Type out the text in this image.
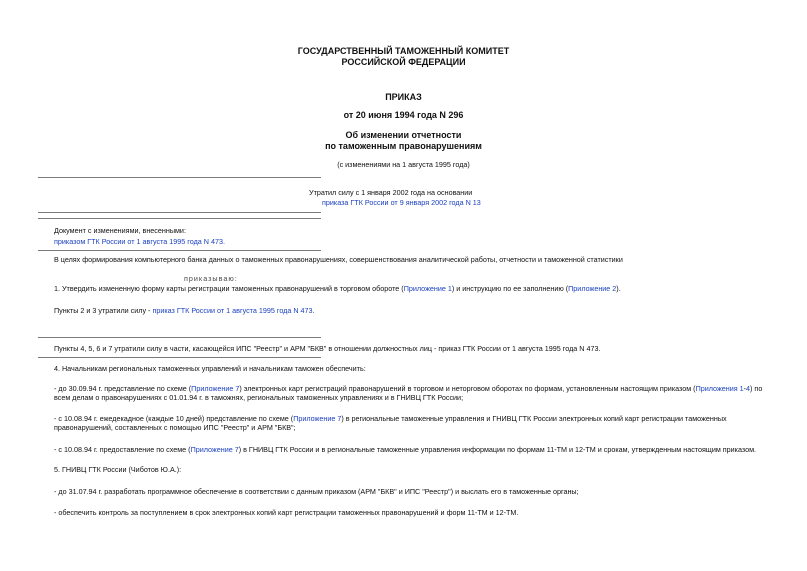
ГОСУДАРСТВЕННЫЙ ТАМОЖЕННЫЙ КОМИТЕТ
РОССИЙСКОЙ ФЕДЕРАЦИИ
ПРИКАЗ
от 20 июня 1994 года N 296
Об изменении отчетности
по таможенным правонарушениям
(с изменениями на 1 августа 1995 года)
Утратил силу с 1 января 2002 года на основании
приказа ГТК России от 9 января 2002 года N 13
Документ с изменениями, внесенными:
приказом ГТК России от 1 августа 1995 года N 473.
В целях формирования компьютерного банка данных о таможенных правонарушениях, совершенствования аналитической работы, отчетности и таможенной статистики
приказываю:
1. Утвердить измененную форму карты регистрации таможенных правонарушений в торговом обороте (Приложение 1) и инструкцию по ее заполнению (Приложение 2).
Пункты 2 и 3 утратили силу - приказ ГТК России от 1 августа 1995 года N 473.
Пункты 4, 5, 6 и 7 утратили силу в части, касающейся ИПС "Реестр" и АРМ "БКВ" в отношении должностных лиц - приказ ГТК России от 1 августа 1995 года N 473.
4. Начальникам региональных таможенных управлений и начальникам таможен обеспечить:
- до 30.09.94 г. представление по схеме (Приложение 7) электронных карт регистраций правонарушений в торговом и неторговом оборотах по формам, установленным настоящим приказом (Приложения 1-4) по
всем делам о правонарушениях с 01.01.94 г. в таможнях, региональных таможенных управлениях и в ГНИВЦ ГТК России;
- с 10.08.94 г. ежедекадное (каждые 10 дней) представление по схеме (Приложение 7) в региональные таможенные управления и ГНИВЦ ГТК России электронных копий карт регистрации таможенных
правонарушений, составленных с помощью ИПС "Реестр" и АРМ "БКВ";
- с 10.08.94 г. предоставление по схеме (Приложение 7) в ГНИВЦ ГТК России и в региональные таможенные управления информации по формам 11-ТМ и 12-ТМ и срокам, утвержденным настоящим приказом.
5. ГНИВЦ ГТК России (Чиботов Ю.А.):
- до 31.07.94 г. разработать программное обеспечение в соответствии с данным приказом (АРМ "БКВ" и ИПС "Реестр") и выслать его в таможенные органы;
- обеспечить контроль за поступлением в срок электронных копий карт регистрации таможенных правонарушений и форм 11-ТМ и 12-ТМ.
